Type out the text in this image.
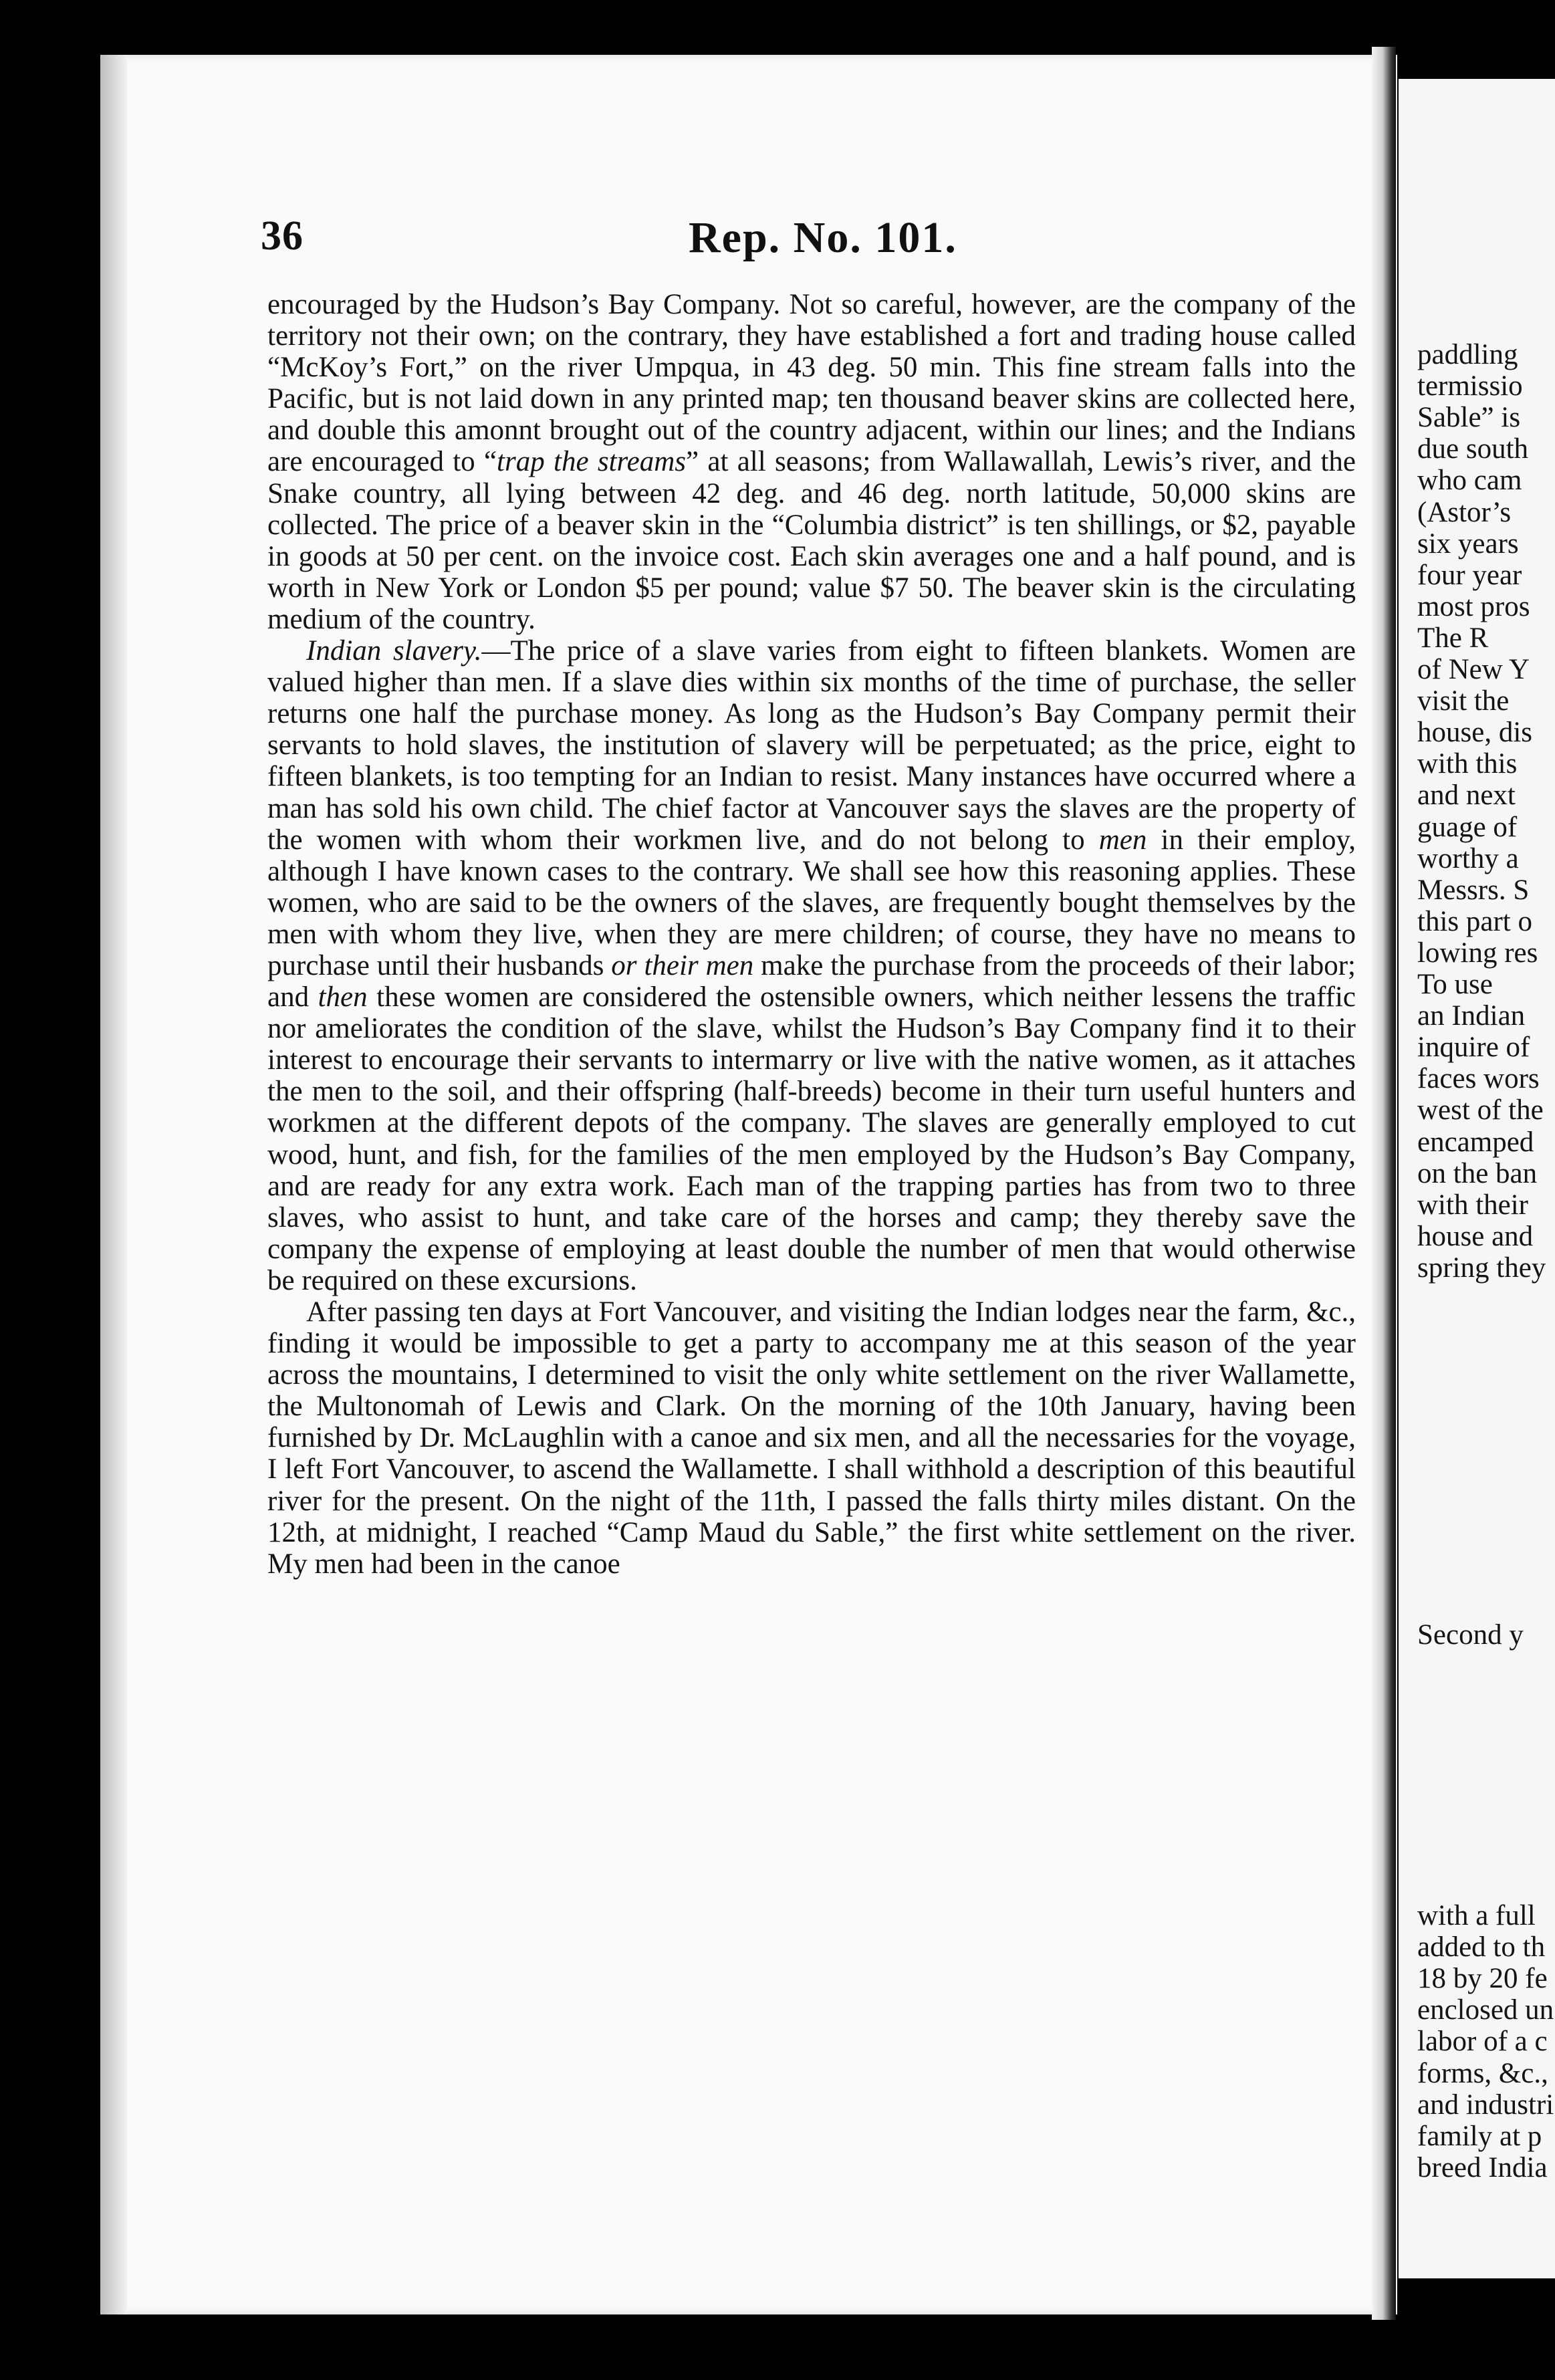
36	Rep. No. 101.

encouraged by the Hudson’s Bay Company. Not so careful, however, are the company of the territory not their own; on the contrary, they have established a fort and trading house called “McKoy’s Fort,” on the river Umpqua, in 43 deg. 50 min. This fine stream falls into the Pacific, but is not laid down in any printed map; ten thousand beaver skins are collected here, and double this amonnt brought out of the country adjacent, within our lines; and the Indians are encouraged to “trap the streams” at all seasons; from Wallawallah, Lewis’s river, and the Snake country, all lying between 42 deg. and 46 deg. north latitude, 50,000 skins are collected. The price of a beaver skin in the “Columbia district” is ten shillings, or $2, payable in goods at 50 per cent. on the invoice cost. Each skin averages one and a half pound, and is worth in New York or London $5 per pound; value $7 50. The beaver skin is the circulating medium of the country.

Indian slavery.—The price of a slave varies from eight to fifteen blankets. Women are valued higher than men. If a slave dies within six months of the time of purchase, the seller returns one half the purchase money. As long as the Hudson’s Bay Company permit their servants to hold slaves, the institution of slavery will be perpetuated; as the price, eight to fifteen blankets, is too tempting for an Indian to resist. Many instances have occurred where a man has sold his own child. The chief factor at Vancouver says the slaves are the property of the women with whom their workmen live, and do not belong to men in their employ, although I have known cases to the contrary. We shall see how this reasoning applies. These women, who are said to be the owners of the slaves, are frequently bought themselves by the men with whom they live, when they are mere children; of course, they have no means to purchase until their husbands or their men make the purchase from the proceeds of their labor; and then these women are considered the ostensible owners, which neither lessens the traffic nor ameliorates the condition of the slave, whilst the Hudson’s Bay Company find it to their interest to encourage their servants to intermarry or live with the native women, as it attaches the men to the soil, and their offspring (half-breeds) become in their turn useful hunters and workmen at the different depots of the company. The slaves are generally employed to cut wood, hunt, and fish, for the families of the men employed by the Hudson’s Bay Company, and are ready for any extra work. Each man of the trapping parties has from two to three slaves, who assist to hunt, and take care of the horses and camp; they thereby save the company the expense of employing at least double the number of men that would otherwise be required on these excursions.

After passing ten days at Fort Vancouver, and visiting the Indian lodges near the farm, &c., finding it would be impossible to get a party to accompany me at this season of the year across the mountains, I determined to visit the only white settlement on the river Wallamette, the Multonomah of Lewis and Clark. On the morning of the 10th January, having been furnished by Dr. McLaughlin with a canoe and six men, and all the necessaries for the voyage, I left Fort Vancouver, to ascend the Wallamette. I shall withhold a description of this beautiful river for the present. On the night of the 11th, I passed the falls thirty miles distant. On the 12th, at midnight, I reached “Camp Maud du Sable,” the first white settlement on the river. My men had been in the canoe

paddling
termissio
Sable” is
due south
who cam
(Astor’s
six years
four year
most pros
The R
of New Y
visit the
house, dis
with this
and next
guage of
worthy a
Messrs. S
this part o
lowing res
To use
an Indian
inquire of
faces wors
west of the
encamped
on the ban
with their
house and
spring they
Second y
with a full
added to th
18 by 20 fe
enclosed un
labor of a c
forms, &c.,
and industri
family at p
breed India
